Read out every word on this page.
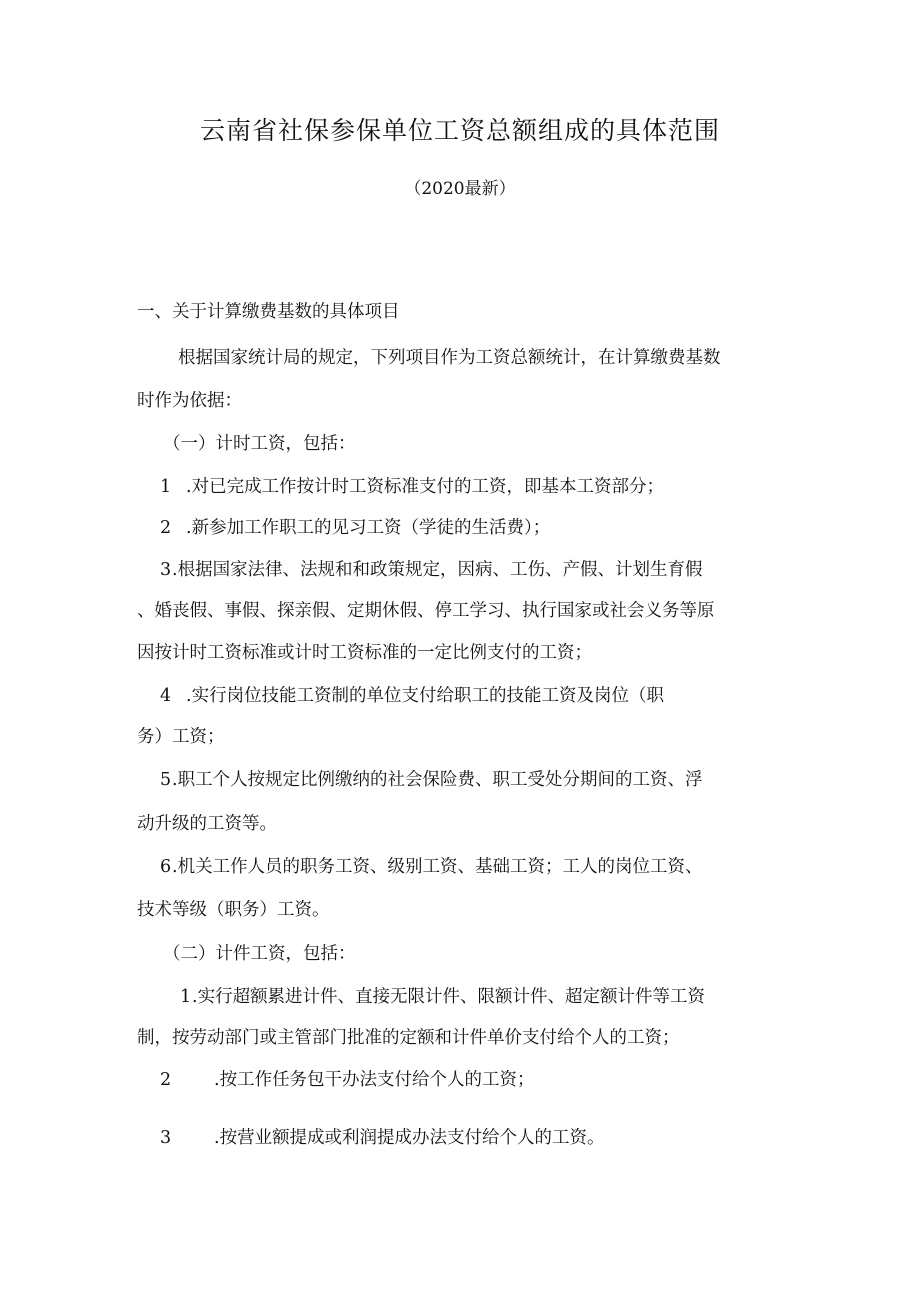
云南省社保参保单位工资总额组成的具体范围
（2020最新）
一、关于计算缴费基数的具体项目
根据国家统计局的规定，下列项目作为工资总额统计，在计算缴费基数
时作为依据：
（一）计时工资，包括：
1 .对已完成工作按计时工资标准支付的工资，即基本工资部分；
2 .新参加工作职工的见习工资（学徒的生活费）；
3 .根据国家法律、法规和和政策规定，因病、工伤、产假、计划生育假
、婚丧假、事假、探亲假、定期休假、停工学习、执行国家或社会义务等原
因按计时工资标准或计时工资标准的一定比例支付的工资；
4 .实行岗位技能工资制的单位支付给职工的技能工资及岗位（职
务）工资；
5 .职工个人按规定比例缴纳的社会保险费、职工受处分期间的工资、浮
动升级的工资等。
6 .机关工作人员的职务工资、级别工资、基础工资；工人的岗位工资、
技术等级（职务）工资。
（二）计件工资，包括：
1 .实行超额累进计件、直接无限计件、限额计件、超定额计件等工资
制，按劳动部门或主管部门批准的定额和计件单价支付给个人的工资；
2 .按工作任务包干办法支付给个人的工资；
3 .按营业额提成或利润提成办法支付给个人的工资。
